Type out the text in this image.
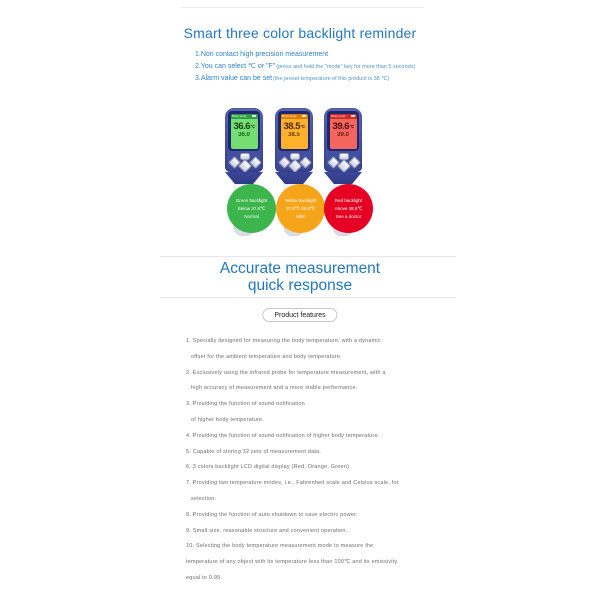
Smart three color backlight reminder
1.Non contact high precision measurement
2.You can select ℃ or "F"(press and hold the "mode" key for more than 5 seconds)
3.Alarm value can be set(the preset temperature of this product is 38 ℃)
Body temp
36.6℃
36.0
Body temp
38.5℃
38.5
Body temp
39.6℃
39.0
Green backlight
Below 37.5℃
Normal
Yellow backlight
37.5℃-38.5℃
Mild
Red backlight
Above 38.5℃
See a doctor
Accurate measurement
quick response
Product features
1. Specially designed for measuring the body temperature, with a dynamic
offset for the ambient temperature and body temperature.
2. Exclusively using the infrared probe for temperature measurement, with a
high accuracy of measurement and a more stable performance.
3. Providing the function of sound notification
of higher body temperature.
4. Providing the function of sound notification of higher body temperature.
5. Capable of storing 32 sets of measurement data.
6. 3 colors backlight LCD digital display (Red, Orange, Green)
7. Providing two temperature modes, i.e., Fahrenheit scale and Celsius scale, for
selection.
8. Providing the function of auto shutdown to save electric power.
9. Small size, reasonable structure and convenient operation.
10. Selecting the body temperature measurement mode to measure the
temperature of any object with its temperature less than 100℃ and its emissivity
equal to 0.95.
